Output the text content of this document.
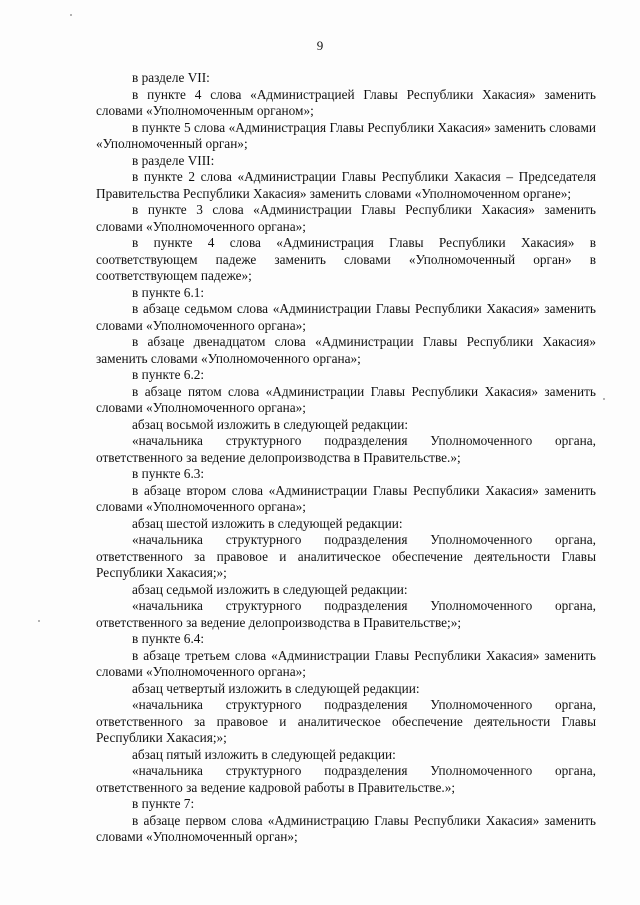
9

в разделе VII:

в пункте 4 слова «Администрацией Главы Республики Хакасия» заменить словами «Уполномоченным органом»;

в пункте 5 слова «Администрация Главы Республики Хакасия» заменить словами «Уполномоченный орган»;

в разделе VIII:

в пункте 2 слова «Администрации Главы Республики Хакасия – Председателя Правительства Республики Хакасия» заменить словами «Уполномоченном органе»;

в пункте 3 слова «Администрации Главы Республики Хакасия» заменить словами «Уполномоченного органа»;

в пункте 4 слова «Администрация Главы Республики Хакасия» в соответствующем падеже заменить словами «Уполномоченный орган» в соответствующем падеже»;

в пункте 6.1:

в абзаце седьмом слова «Администрации Главы Республики Хакасия» заменить словами «Уполномоченного органа»;

в абзаце двенадцатом слова «Администрации Главы Республики Хакасия» заменить словами «Уполномоченного органа»;

в пункте 6.2:

в абзаце пятом слова «Администрации Главы Республики Хакасия» заменить словами «Уполномоченного органа»;

абзац восьмой изложить в следующей редакции:

«начальника структурного подразделения Уполномоченного органа, ответственного за ведение делопроизводства в Правительстве.»;

в пункте 6.3:

в абзаце втором слова «Администрации Главы Республики Хакасия» заменить словами «Уполномоченного органа»;

абзац шестой изложить в следующей редакции:

«начальника структурного подразделения Уполномоченного органа, ответственного за правовое и аналитическое обеспечение деятельности Главы Республики Хакасия;»;

абзац седьмой изложить в следующей редакции:

«начальника структурного подразделения Уполномоченного органа, ответственного за ведение делопроизводства в Правительстве;»;

в пункте 6.4:

в абзаце третьем слова «Администрации Главы Республики Хакасия» заменить словами «Уполномоченного органа»;

абзац четвертый изложить в следующей редакции:

«начальника структурного подразделения Уполномоченного органа, ответственного за правовое и аналитическое обеспечение деятельности Главы Республики Хакасия;»;

абзац пятый изложить в следующей редакции:

«начальника структурного подразделения Уполномоченного органа, ответственного за ведение кадровой работы в Правительстве.»;

в пункте 7:

в абзаце первом слова «Администрацию Главы Республики Хакасия» заменить словами «Уполномоченный орган»;
